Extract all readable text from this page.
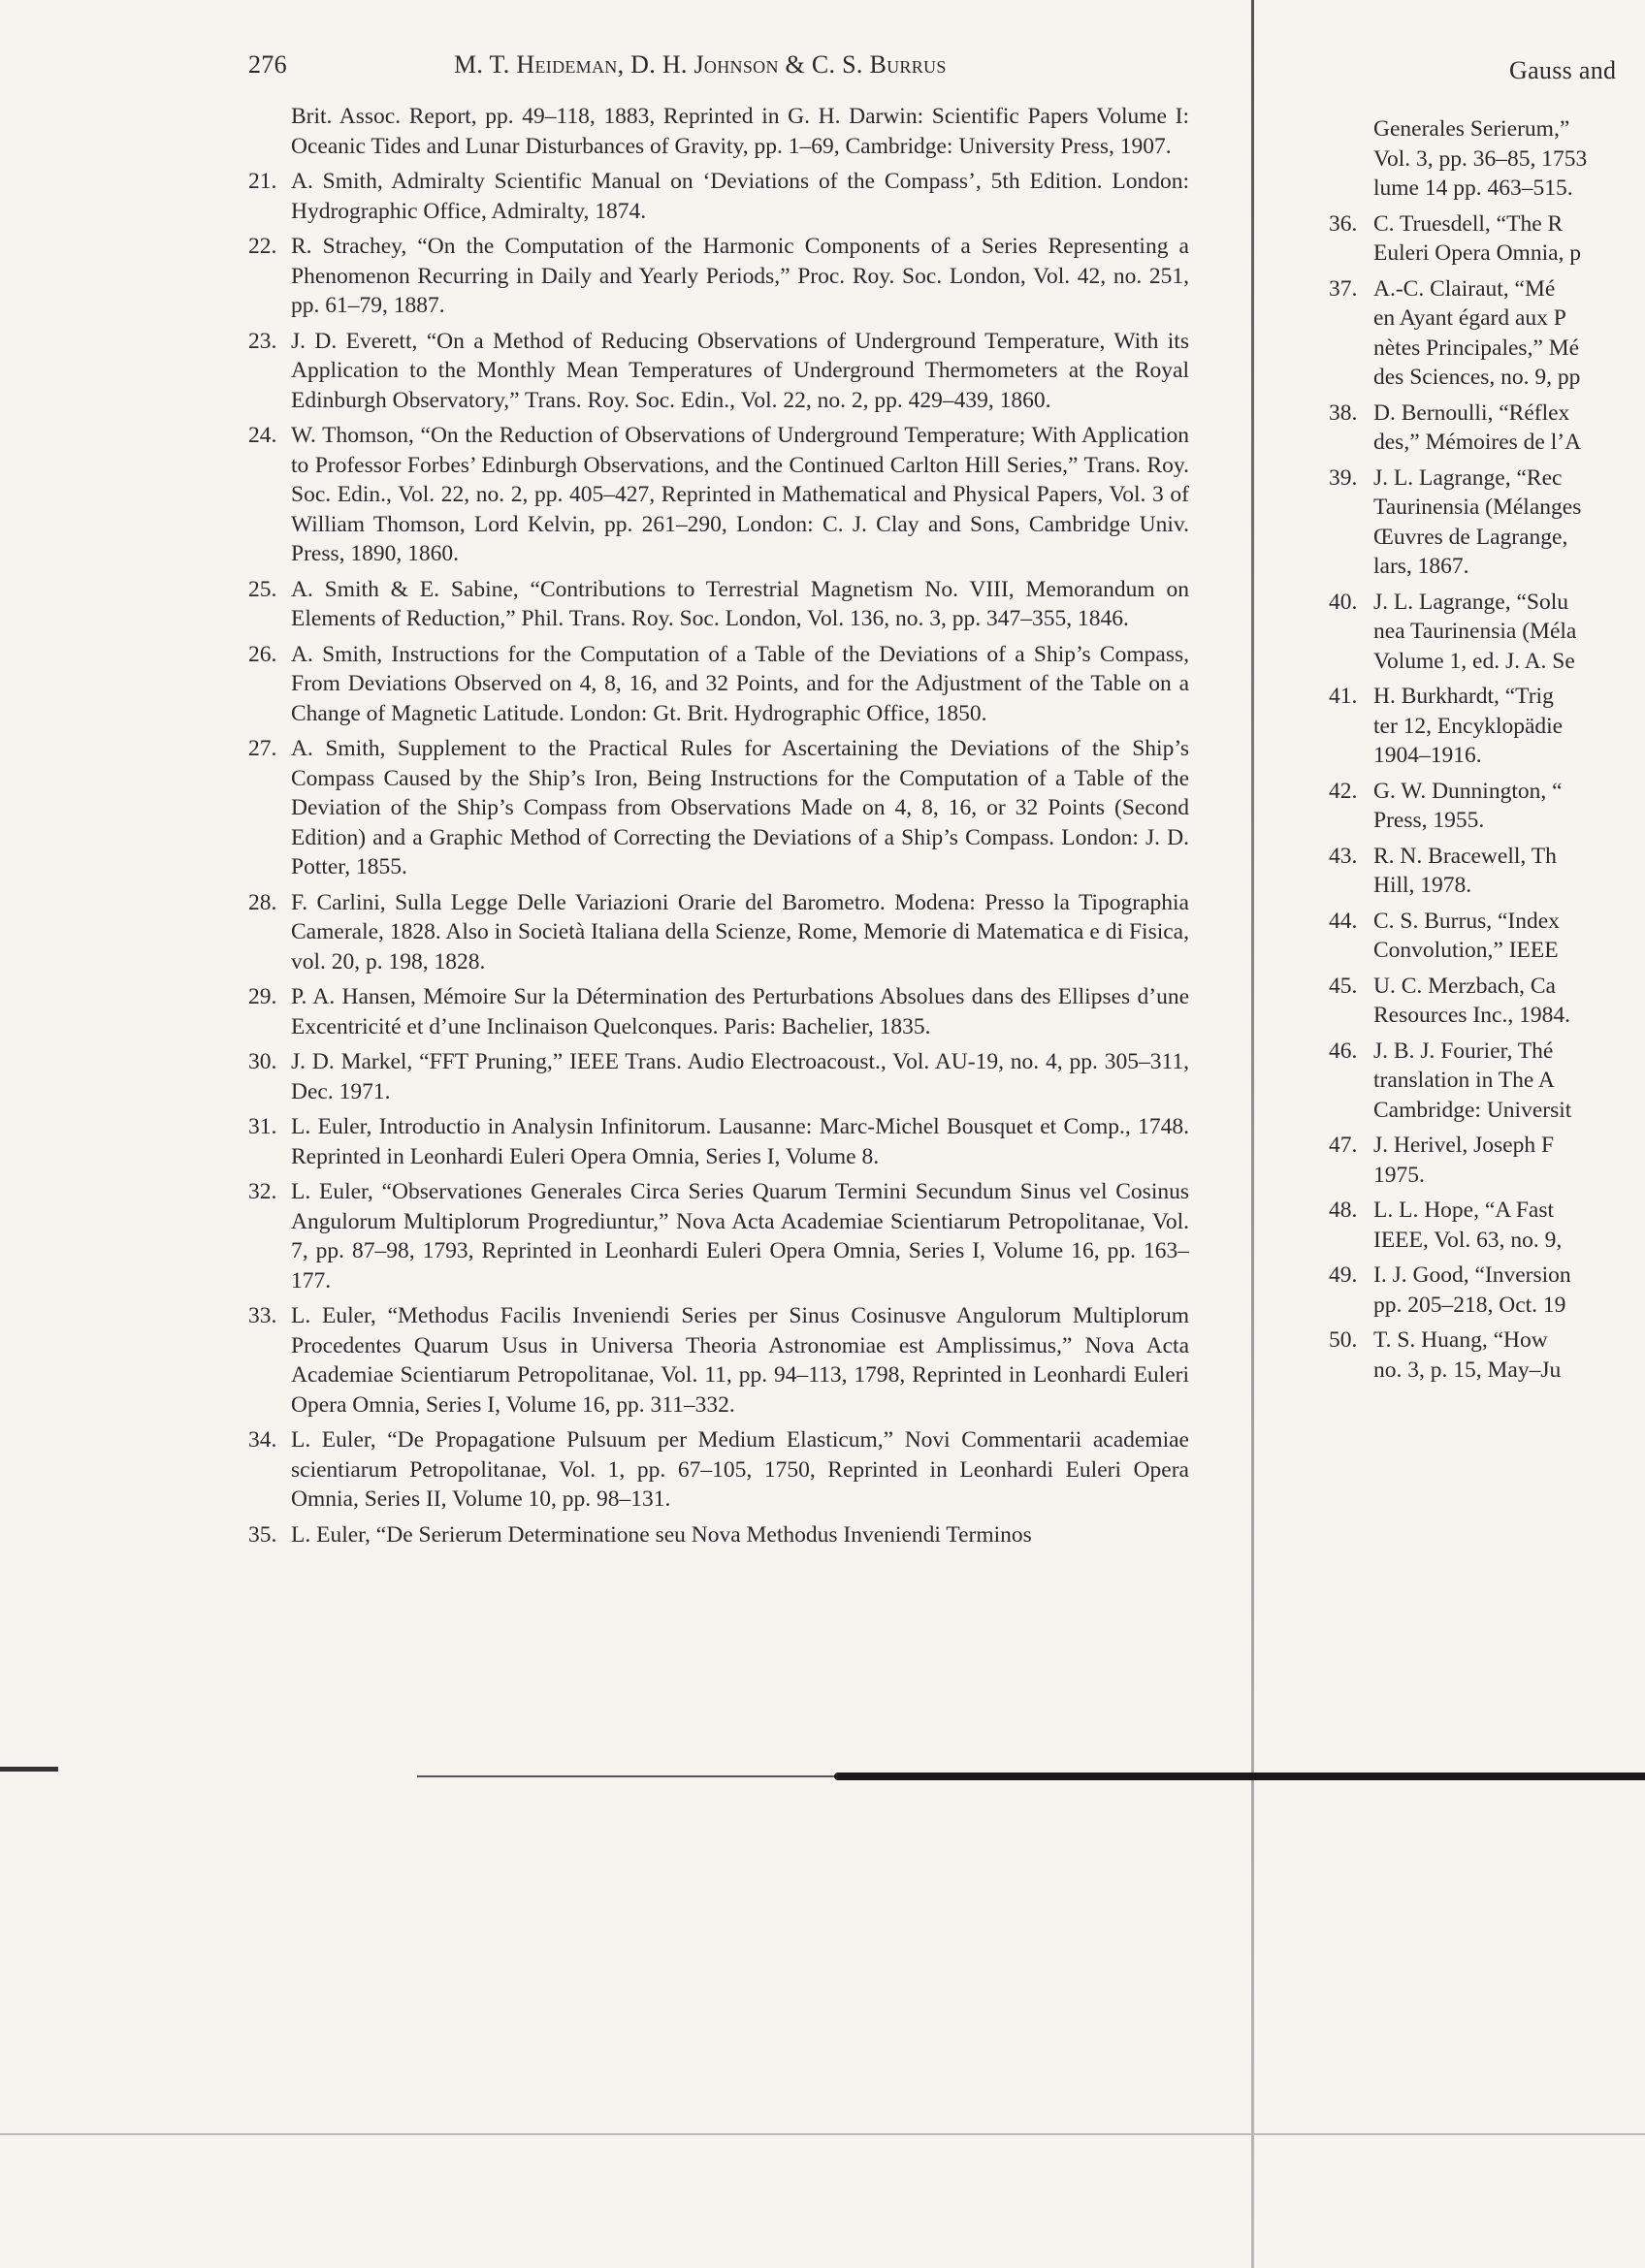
276	M. T. Heideman, D. H. Johnson & C. S. Burrus
Brit. Assoc. Report, pp. 49–118, 1883, Reprinted in G. H. Darwin: Scientific Papers Volume I: Oceanic Tides and Lunar Disturbances of Gravity, pp. 1–69, Cambridge: University Press, 1907.
21. A. Smith, Admiralty Scientific Manual on ‘Deviations of the Compass’, 5th Edition. London: Hydrographic Office, Admiralty, 1874.
22. R. Strachey, “On the Computation of the Harmonic Components of a Series Representing a Phenomenon Recurring in Daily and Yearly Periods,” Proc. Roy. Soc. London, Vol. 42, no. 251, pp. 61–79, 1887.
23. J. D. Everett, “On a Method of Reducing Observations of Underground Temperature, With its Application to the Monthly Mean Temperatures of Underground Thermometers at the Royal Edinburgh Observatory,” Trans. Roy. Soc. Edin., Vol. 22, no. 2, pp. 429–439, 1860.
24. W. Thomson, “On the Reduction of Observations of Underground Temperature; With Application to Professor Forbes’ Edinburgh Observations, and the Continued Carlton Hill Series,” Trans. Roy. Soc. Edin., Vol. 22, no. 2, pp. 405–427, Reprinted in Mathematical and Physical Papers, Vol. 3 of William Thomson, Lord Kelvin, pp. 261–290, London: C. J. Clay and Sons, Cambridge Univ. Press, 1890, 1860.
25. A. Smith & E. Sabine, “Contributions to Terrestrial Magnetism No. VIII, Memorandum on Elements of Reduction,” Phil. Trans. Roy. Soc. London, Vol. 136, no. 3, pp. 347–355, 1846.
26. A. Smith, Instructions for the Computation of a Table of the Deviations of a Ship’s Compass, From Deviations Observed on 4, 8, 16, and 32 Points, and for the Adjustment of the Table on a Change of Magnetic Latitude. London: Gt. Brit. Hydrographic Office, 1850.
27. A. Smith, Supplement to the Practical Rules for Ascertaining the Deviations of the Ship’s Compass Caused by the Ship’s Iron, Being Instructions for the Computation of a Table of the Deviation of the Ship’s Compass from Observations Made on 4, 8, 16, or 32 Points (Second Edition) and a Graphic Method of Correcting the Deviations of a Ship’s Compass. London: J. D. Potter, 1855.
28. F. Carlini, Sulla Legge Delle Variazioni Orarie del Barometro. Modena: Presso la Tipographia Camerale, 1828. Also in Società Italiana della Scienze, Rome, Memorie di Matematica e di Fisica, vol. 20, p. 198, 1828.
29. P. A. Hansen, Mémoire Sur la Détermination des Perturbations Absolues dans des Ellipses d’une Excentricité et d’une Inclinaison Quelconques. Paris: Bachelier, 1835.
30. J. D. Markel, “FFT Pruning,” IEEE Trans. Audio Electroacoust., Vol. AU-19, no. 4, pp. 305–311, Dec. 1971.
31. L. Euler, Introductio in Analysin Infinitorum. Lausanne: Marc-Michel Bousquet et Comp., 1748. Reprinted in Leonhardi Euleri Opera Omnia, Series I, Volume 8.
32. L. Euler, “Observationes Generales Circa Series Quarum Termini Secundum Sinus vel Cosinus Angulorum Multiplorum Progrediuntur,” Nova Acta Academiae Scientiarum Petropolitanae, Vol. 7, pp. 87–98, 1793, Reprinted in Leonhardi Euleri Opera Omnia, Series I, Volume 16, pp. 163–177.
33. L. Euler, “Methodus Facilis Inveniendi Series per Sinus Cosinusve Angulorum Multiplorum Procedentes Quarum Usus in Universa Theoria Astronomiae est Amplissimus,” Nova Acta Academiae Scientiarum Petropolitanae, Vol. 11, pp. 94–113, 1798, Reprinted in Leonhardi Euleri Opera Omnia, Series I, Volume 16, pp. 311–332.
34. L. Euler, “De Propagatione Pulsuum per Medium Elasticum,” Novi Commentarii academiae scientiarum Petropolitanae, Vol. 1, pp. 67–105, 1750, Reprinted in Leonhardi Euleri Opera Omnia, Series II, Volume 10, pp. 98–131.
35. L. Euler, “De Serierum Determinatione seu Nova Methodus Inveniendi Terminos
Gauss and
Generales Serierum,”
Vol. 3, pp. 36–85, 1753
lume 14 pp. 463–515.
36. C. Truesdell, “The R
Euleri Opera Omnia, p
37. A.-C. Clairaut, “Mé
en Ayant égard aux P
nètes Principales,” Mé
des Sciences, no. 9, pp
38. D. Bernoulli, “Réflex
des,” Mémoires de l’A
39. J. L. Lagrange, “Rec
Taurinensia (Mélanges
Œuvres de Lagrange,
lars, 1867.
40. J. L. Lagrange, “Solu
nea Taurinensia (Méla
Volume 1, ed. J. A. Se
41. H. Burkhardt, “Trig
ter 12, Encyklopädie
1904–1916.
42. G. W. Dunnington, “
Press, 1955.
43. R. N. Bracewell, Th
Hill, 1978.
44. C. S. Burrus, “Index
Convolution,” IEEE
45. U. C. Merzbach, Ca
Resources Inc., 1984.
46. J. B. J. Fourier, Thé
translation in The A
Cambridge: Universit
47. J. Herivel, Joseph F
1975.
48. L. L. Hope, “A Fast
IEEE, Vol. 63, no. 9,
49. I. J. Good, “Inversion
pp. 205–218, Oct. 19
50. T. S. Huang, “How
no. 3, p. 15, May–Ju
